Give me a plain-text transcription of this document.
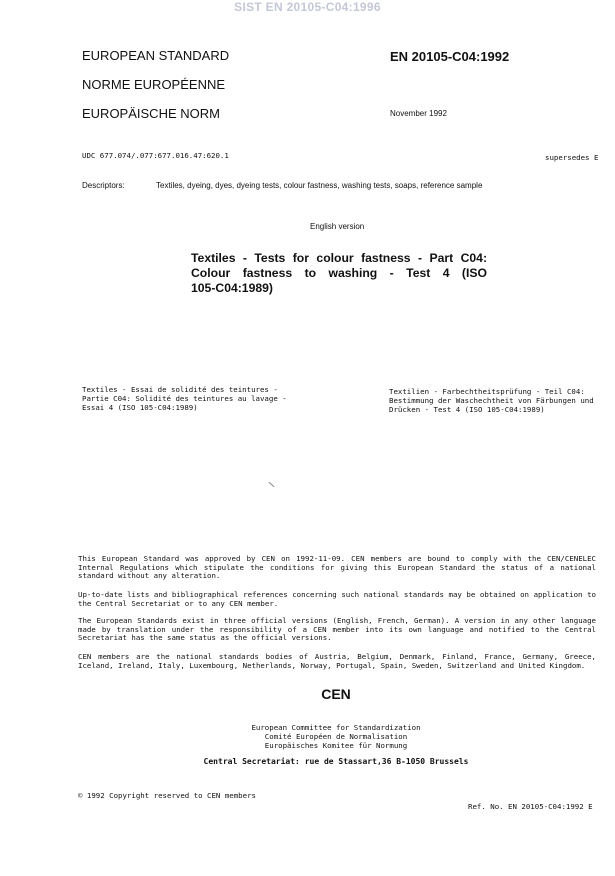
SIST EN 20105-C04:1996
EUROPEAN STANDARD
NORME EUROPÉENNE
EUROPÄISCHE NORM
EN 20105-C04:1992
November 1992
UDC 677.074/.077:677.016.47:620.1	supersedes E
Descriptors:	Textiles, dyeing, dyes, dyeing tests, colour fastness, washing tests, soaps, reference sample
English version
Textiles - Tests for colour fastness - Part C04:
Colour fastness to washing - Test 4 (ISO
105-C04:1989)
Textiles - Essai de solidité des teintures -
Partie C04: Solidité des teintures au lavage -
Essai 4 (ISO 105-C04:1989)
Textilien - Farbechtheitsprüfung - Teil C04:
Bestimmung der Waschechtheit von Färbungen und
Drücken - Test 4 (ISO 105-C04:1989)
This European Standard was approved by CEN on 1992-11-09. CEN members are bound to comply with the CEN/CENELEC Internal Regulations which stipulate the conditions for giving this European Standard the status of a national standard without any alteration.
Up-to-date lists and bibliographical references concerning such national standards may be obtained on application to the Central Secretariat or to any CEN member.
The European Standards exist in three official versions (English, French, German). A version in any other language made by translation under the responsibility of a CEN member into its own language and notified to the Central Secretariat has the same status as the official versions.
CEN members are the national standards bodies of Austria, Belgium, Denmark, Finland, France, Germany, Greece, Iceland, Ireland, Italy, Luxembourg, Netherlands, Norway, Portugal, Spain, Sweden, Switzerland and United Kingdom.
CEN
European Committee for Standardization
Comité Européen de Normalisation
Europäisches Komitee für Normung
Central Secretariat: rue de Stassart,36 B-1050 Brussels
© 1992 Copyright reserved to CEN members
Ref. No. EN 20105-C04:1992 E
